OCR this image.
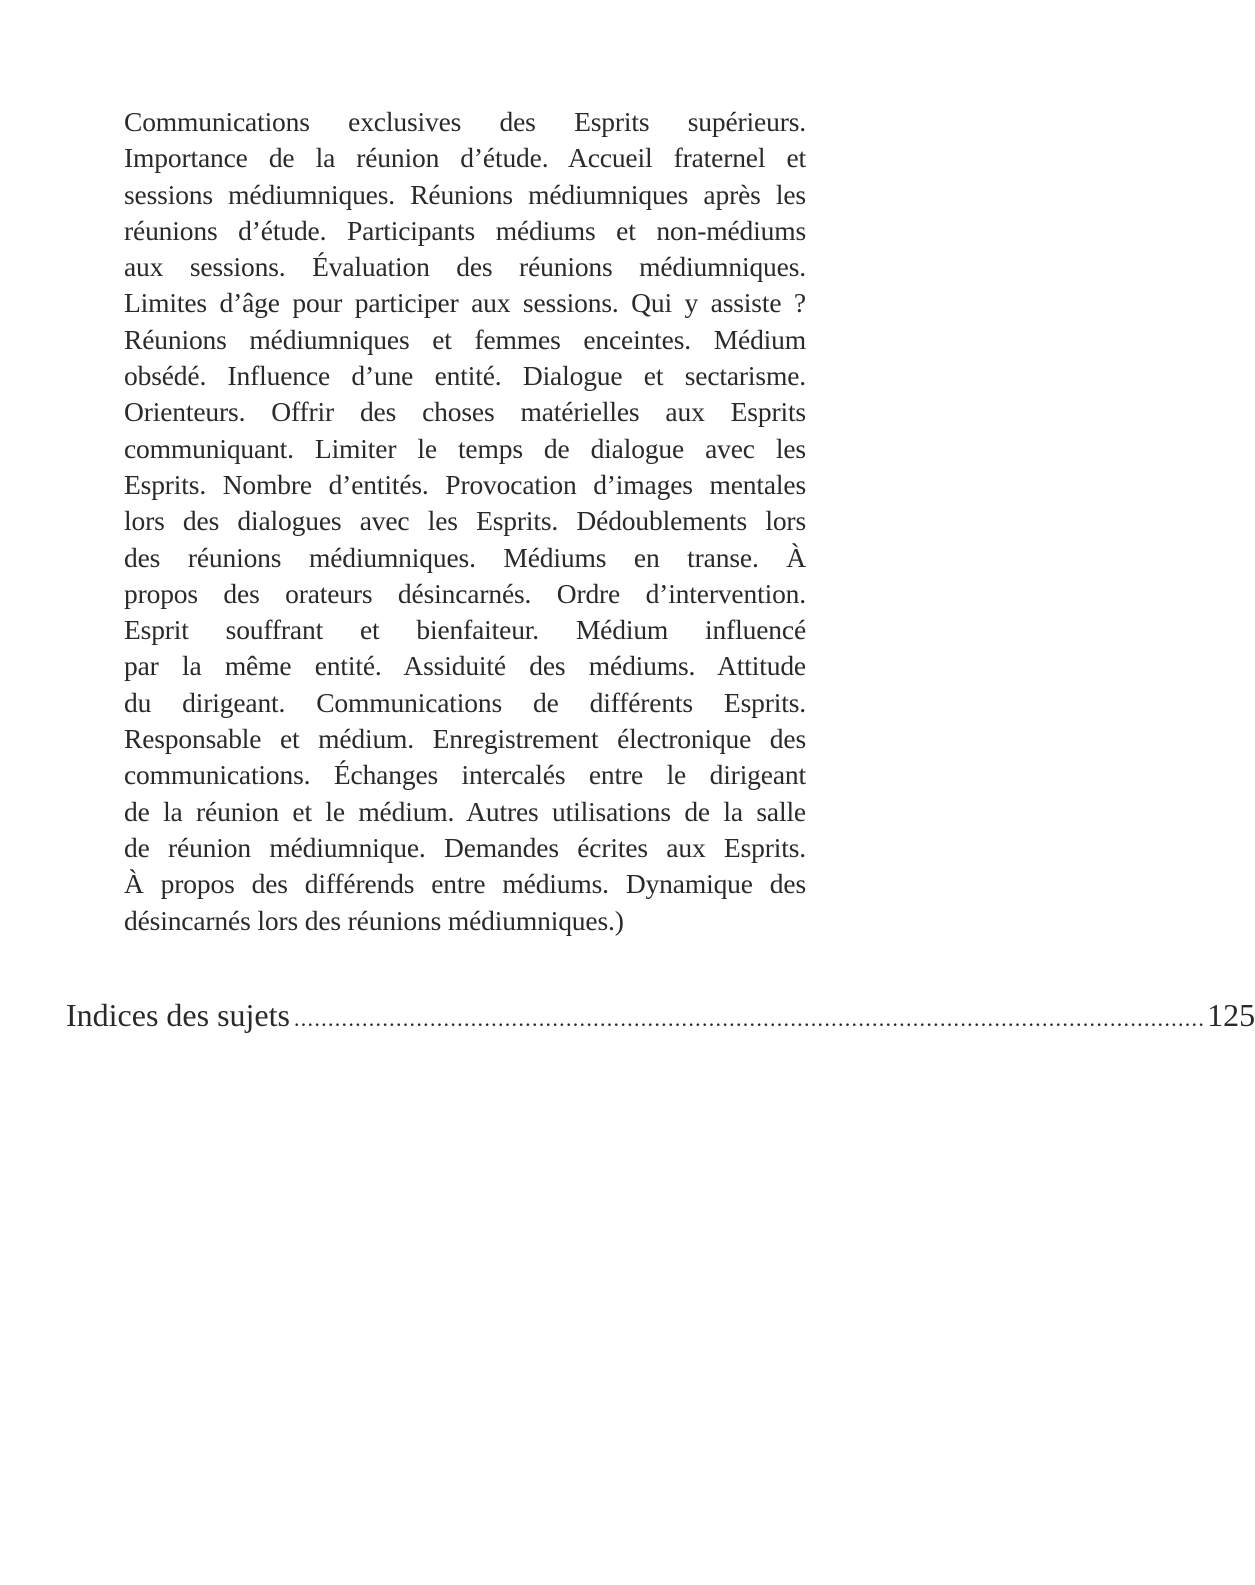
Communications exclusives des Esprits supérieurs.
Importance de la réunion d’étude. Accueil fraternel et
sessions médiumniques. Réunions médiumniques après les
réunions d’étude. Participants médiums et non-médiums
aux sessions. Évaluation des réunions médiumniques.
Limites d’âge pour participer aux sessions. Qui y assiste ?
Réunions médiumniques et femmes enceintes. Médium
obsédé. Influence d’une entité. Dialogue et sectarisme.
Orienteurs. Offrir des choses matérielles aux Esprits
communiquant. Limiter le temps de dialogue avec les
Esprits. Nombre d’entités. Provocation d’images mentales
lors des dialogues avec les Esprits. Dédoublements lors
des réunions médiumniques. Médiums en transe. À
propos des orateurs désincarnés. Ordre d’intervention.
Esprit souffrant et bienfaiteur. Médium influencé
par la même entité. Assiduité des médiums. Attitude
du dirigeant. Communications de différents Esprits.
Responsable et médium. Enregistrement électronique des
communications. Échanges intercalés entre le dirigeant
de la réunion et le médium. Autres utilisations de la salle
de réunion médiumnique. Demandes écrites aux Esprits.
À propos des différends entre médiums. Dynamique des
désincarnés lors des réunions médiumniques.)
Indices des sujets ...................................................................................................................................... 125
